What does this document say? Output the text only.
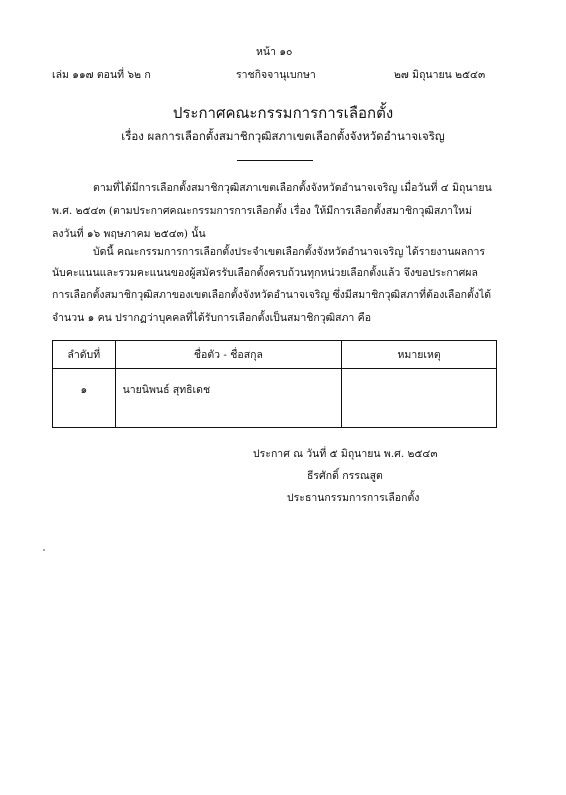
หน้า ๑๐
เล่ม ๑๑๗ ตอนที่ ๖๒ ก	ราชกิจจานุเบกษา	๒๗ มิถุนายน ๒๕๔๓
ประกาศคณะกรรมการการเลือกตั้ง
เรื่อง ผลการเลือกตั้งสมาชิกวุฒิสภาเขตเลือกตั้งจังหวัดอำนาจเจริญ
ตามที่ได้มีการเลือกตั้งสมาชิกวุฒิสภาเขตเลือกตั้งจังหวัดอำนาจเจริญ เมื่อวันที่ ๔ มิถุนายน
พ.ศ. ๒๕๔๓ (ตามประกาศคณะกรรมการการเลือกตั้ง เรื่อง ให้มีการเลือกตั้งสมาชิกวุฒิสภาใหม่
ลงวันที่ ๑๖ พฤษภาคม ๒๕๔๓) นั้น
บัดนี้ คณะกรรมการการเลือกตั้งประจำเขตเลือกตั้งจังหวัดอำนาจเจริญ ได้รายงานผลการ
นับคะแนนและรวมคะแนนของผู้สมัครรับเลือกตั้งครบถ้วนทุกหน่วยเลือกตั้งแล้ว จึงขอประกาศผล
การเลือกตั้งสมาชิกวุฒิสภาของเขตเลือกตั้งจังหวัดอำนาจเจริญ ซึ่งมีสมาชิกวุฒิสภาที่ต้องเลือกตั้งได้
จำนวน ๑ คน ปรากฏว่าบุคคลที่ได้รับการเลือกตั้งเป็นสมาชิกวุฒิสภา คือ
ลำดับที่	ชื่อตัว - ชื่อสกุล	หมายเหตุ

๑	นายนิพนธ์ สุทธิเดช	

ประกาศ ณ วันที่ ๕ มิถุนายน พ.ศ. ๒๕๔๓
ธีรศักดิ์ กรรณสูต
ประธานกรรมการการเลือกตั้ง
